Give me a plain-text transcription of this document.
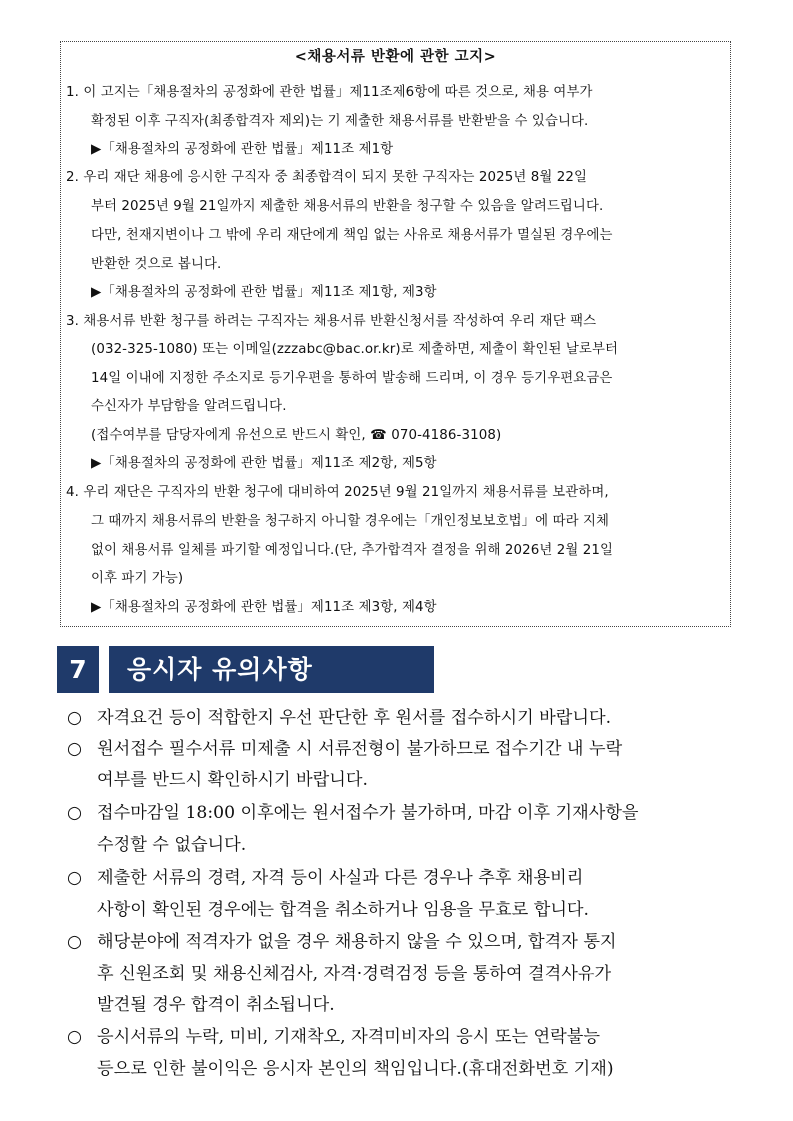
<채용서류 반환에 관한 고지>
1. 이 고지는「채용절차의 공정화에 관한 법률」제11조제6항에 따른 것으로, 채용 여부가
확정된 이후 구직자(최종합격자 제외)는 기 제출한 채용서류를 반환받을 수 있습니다.
▶「채용절차의 공정화에 관한 법률」제11조 제1항
2. 우리 재단 채용에 응시한 구직자 중 최종합격이 되지 못한 구직자는 2025년 8월 22일
부터 2025년 9월 21일까지 제출한 채용서류의 반환을 청구할 수 있음을 알려드립니다.
다만, 천재지변이나 그 밖에 우리 재단에게 책임 없는 사유로 채용서류가 멸실된 경우에는
반환한 것으로 봅니다.
▶「채용절차의 공정화에 관한 법률」제11조 제1항, 제3항
3. 채용서류 반환 청구를 하려는 구직자는 채용서류 반환신청서를 작성하여 우리 재단 팩스
(032-325-1080) 또는 이메일(zzzabc@bac.or.kr)로 제출하면, 제출이 확인된 날로부터
14일 이내에 지정한 주소지로 등기우편을 통하여 발송해 드리며, 이 경우 등기우편요금은
수신자가 부담함을 알려드립니다.
(접수여부를 담당자에게 유선으로 반드시 확인, ☎ 070-4186-3108)
▶「채용절차의 공정화에 관한 법률」제11조 제2항, 제5항
4. 우리 재단은 구직자의 반환 청구에 대비하여 2025년 9월 21일까지 채용서류를 보관하며,
그 때까지 채용서류의 반환을 청구하지 아니할 경우에는「개인정보보호법」에 따라 지체
없이 채용서류 일체를 파기할 예정입니다.(단, 추가합격자 결정을 위해 2026년 2월 21일
이후 파기 가능)
▶「채용절차의 공정화에 관한 법률」제11조 제3항, 제4항
7	응시자 유의사항
○ 자격요건 등이 적합한지 우선 판단한 후 원서를 접수하시기 바랍니다.
○ 원서접수 필수서류 미제출 시 서류전형이 불가하므로 접수기간 내 누락
여부를 반드시 확인하시기 바랍니다.
○ 접수마감일 18:00 이후에는 원서접수가 불가하며, 마감 이후 기재사항을
수정할 수 없습니다.
○ 제출한 서류의 경력, 자격 등이 사실과 다른 경우나 추후 채용비리
사항이 확인된 경우에는 합격을 취소하거나 임용을 무효로 합니다.
○ 해당분야에 적격자가 없을 경우 채용하지 않을 수 있으며, 합격자 통지
후 신원조회 및 채용신체검사, 자격·경력검정 등을 통하여 결격사유가
발견될 경우 합격이 취소됩니다.
○ 응시서류의 누락, 미비, 기재착오, 자격미비자의 응시 또는 연락불능
등으로 인한 불이익은 응시자 본인의 책임입니다.(휴대전화번호 기재)
